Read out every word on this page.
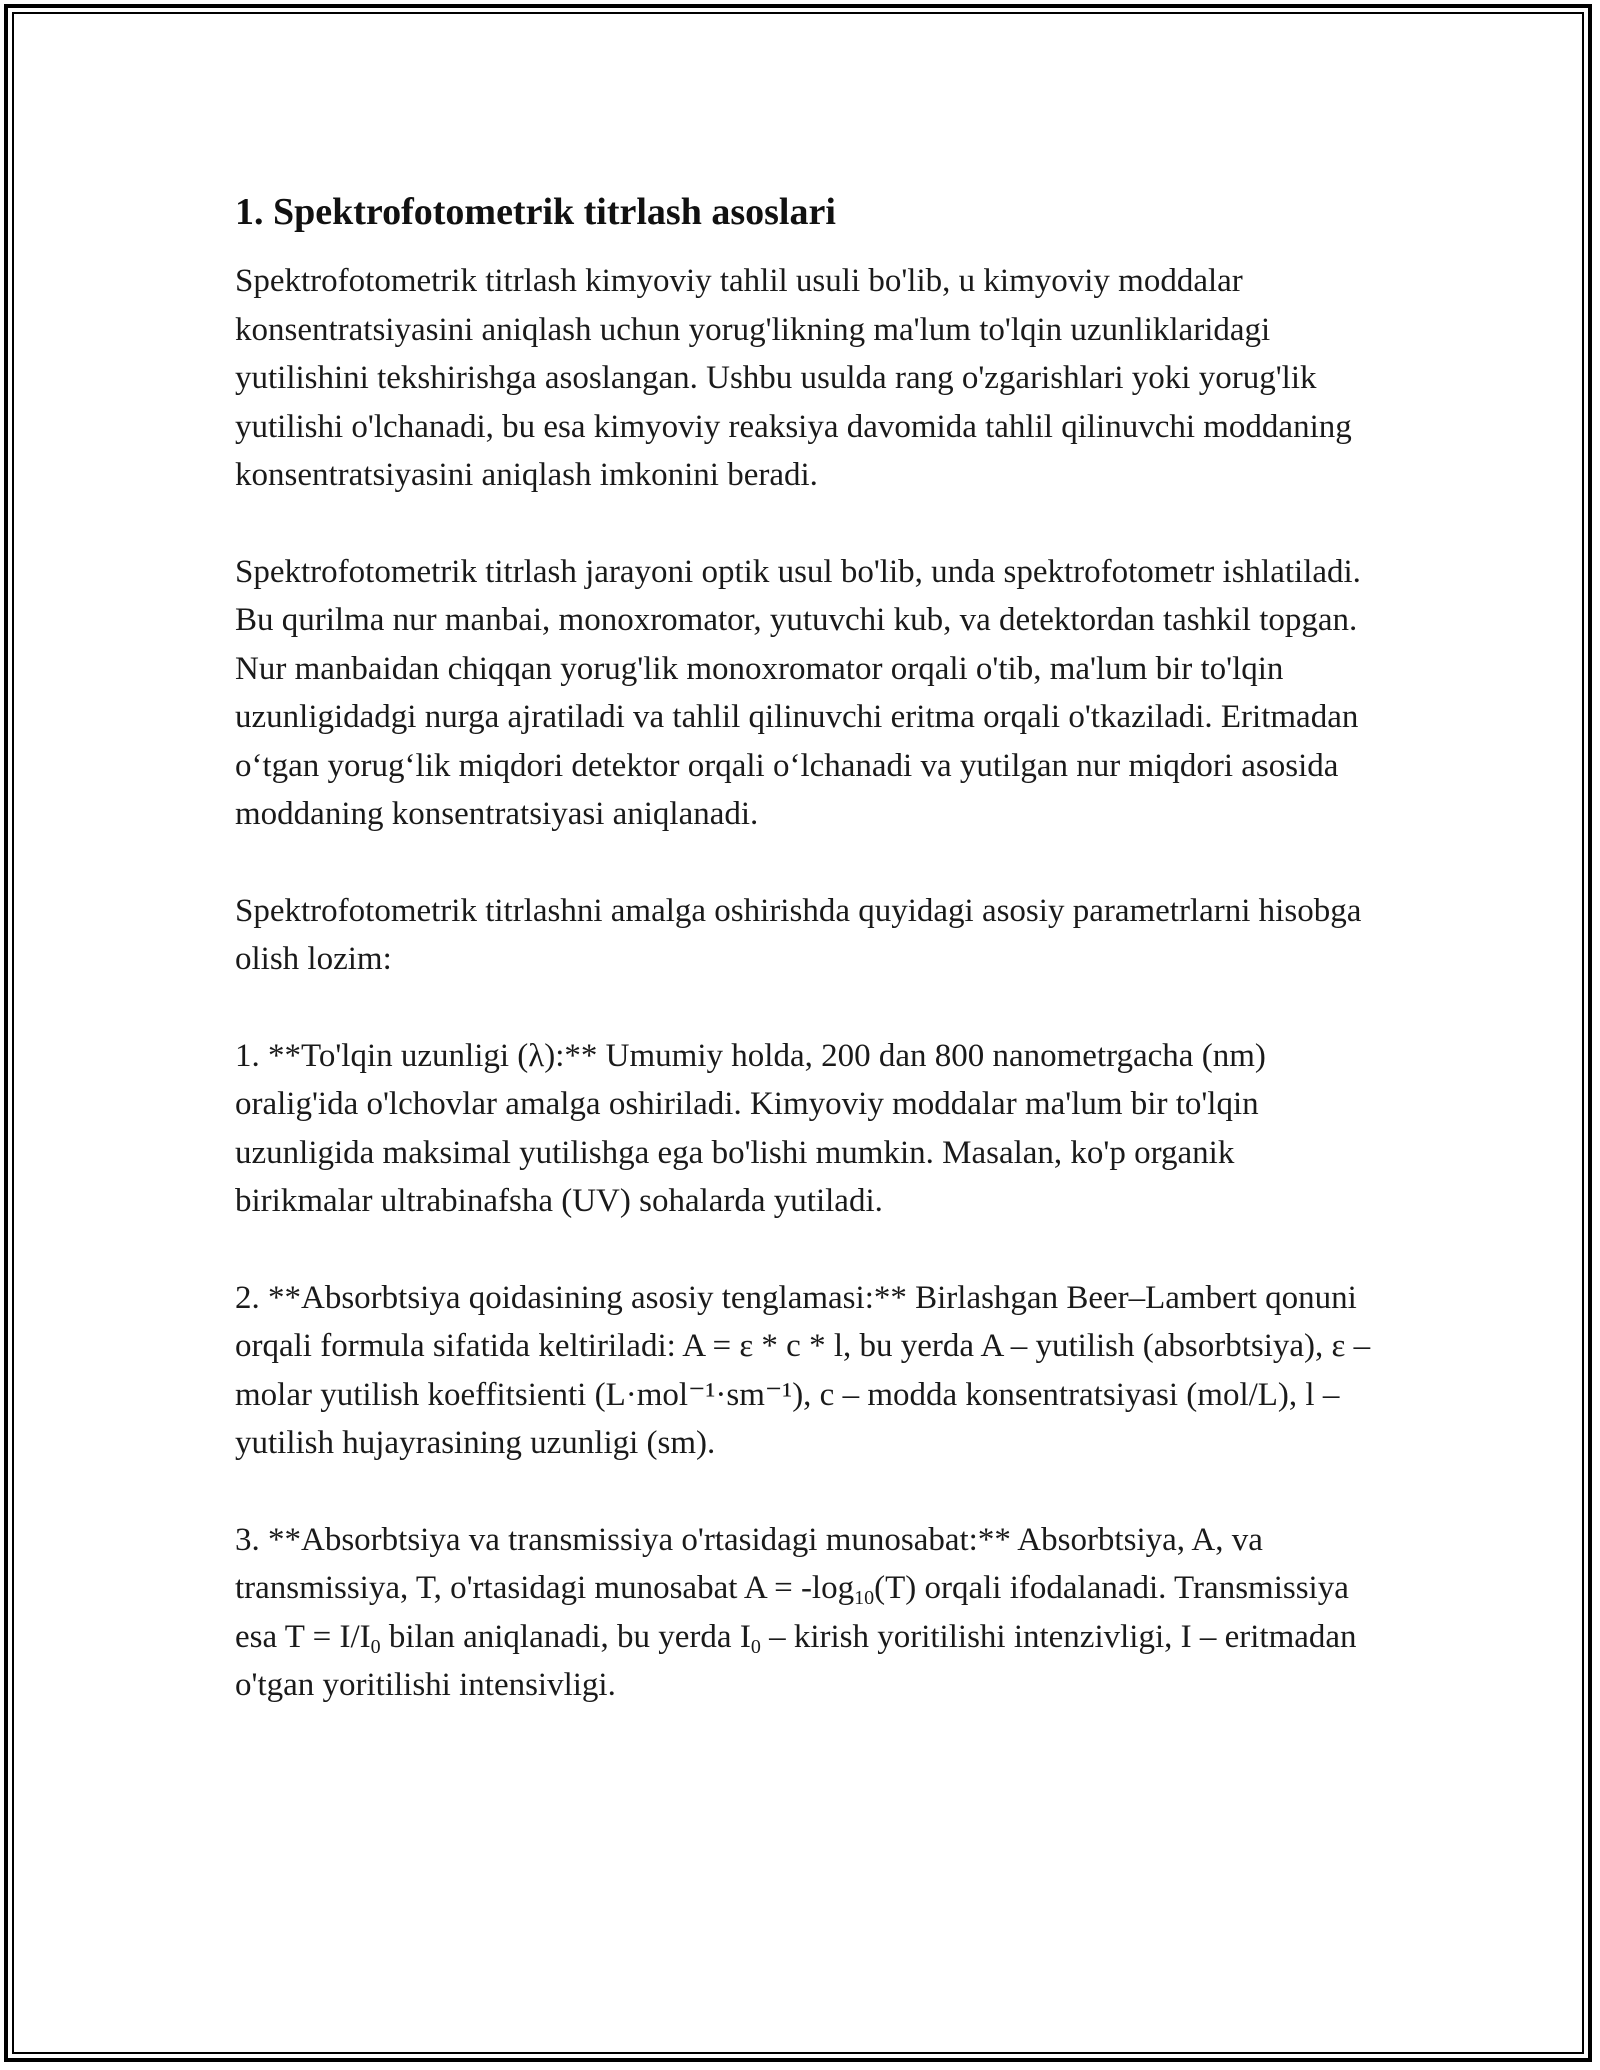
1. Spektrofotometrik titrlash asoslari

Spektrofotometrik titrlash kimyoviy tahlil usuli bo'lib, u kimyoviy moddalar konsentratsiyasini aniqlash uchun yorug'likning ma'lum to'lqin uzunliklaridagi yutilishini tekshirishga asoslangan. Ushbu usulda rang o'zgarishlari yoki yorug'lik yutilishi o'lchanadi, bu esa kimyoviy reaksiya davomida tahlil qilinuvchi moddaning konsentratsiyasini aniqlash imkonini beradi.

Spektrofotometrik titrlash jarayoni optik usul bo'lib, unda spektrofotometr ishlatiladi. Bu qurilma nur manbai, monoxromator, yutuvchi kub, va detektordan tashkil topgan. Nur manbaidan chiqqan yorug'lik monoxromator orqali o'tib, ma'lum bir to'lqin uzunligidadgi nurga ajratiladi va tahlil qilinuvchi eritma orqali o'tkaziladi. Eritmadan o‘tgan yorug‘lik miqdori detektor orqali o‘lchanadi va yutilgan nur miqdori asosida moddaning konsentratsiyasi aniqlanadi.

Spektrofotometrik titrlashni amalga oshirishda quyidagi asosiy parametrlarni hisobga olish lozim:

1. **To'lqin uzunligi (λ):** Umumiy holda, 200 dan 800 nanometrgacha (nm) oralig'ida o'lchovlar amalga oshiriladi. Kimyoviy moddalar ma'lum bir to'lqin uzunligida maksimal yutilishga ega bo'lishi mumkin. Masalan, ko'p organik birikmalar ultrabinafsha (UV) sohalarda yutiladi.

2. **Absorbtsiya qoidasining asosiy tenglamasi:** Birlashgan Beer–Lambert qonuni orqali formula sifatida keltiriladi: A = ε * c * l, bu yerda A – yutilish (absorbtsiya), ε – molar yutilish koeffitsienti (L·mol⁻¹·sm⁻¹), c – modda konsentratsiyasi (mol/L), l – yutilish hujayrasining uzunligi (sm).

3. **Absorbtsiya va transmissiya o'rtasidagi munosabat:** Absorbtsiya, A, va transmissiya, T, o'rtasidagi munosabat $A = -\log_{10}(T)$ orqali ifodalanadi. Transmissiya esa $T = I/I_0$ bilan aniqlanadi, bu yerda $I_0$ – kirish yoritilishi intenzivligi, I – eritmadan o'tgan yoritilishi intensivligi.
